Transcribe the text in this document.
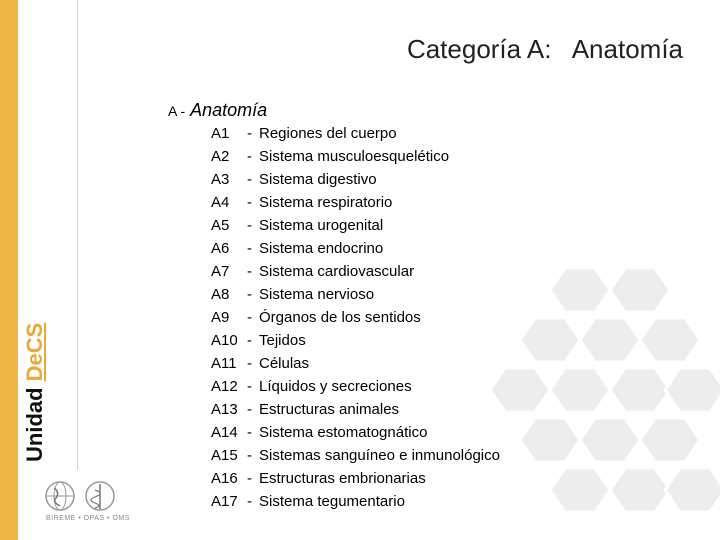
Unidad DeCS
BIREME • OPAS • OMS
Categoría A:   Anatomía
A - Anatomía
A1	- Regiones del cuerpo
A2	- Sistema musculoesquelético
A3	- Sistema digestivo
A4	- Sistema respiratorio
A5	- Sistema urogenital
A6	- Sistema endocrino
A7	- Sistema cardiovascular
A8	- Sistema nervioso
A9	- Órganos de los sentidos
A10 - Tejidos
A11 - Células
A12 - Líquidos y secreciones
A13 - Estructuras animales
A14 - Sistema estomatognático
A15 - Sistemas sanguíneo e inmunológico
A16 - Estructuras embrionarias
A17 - Sistema tegumentario
